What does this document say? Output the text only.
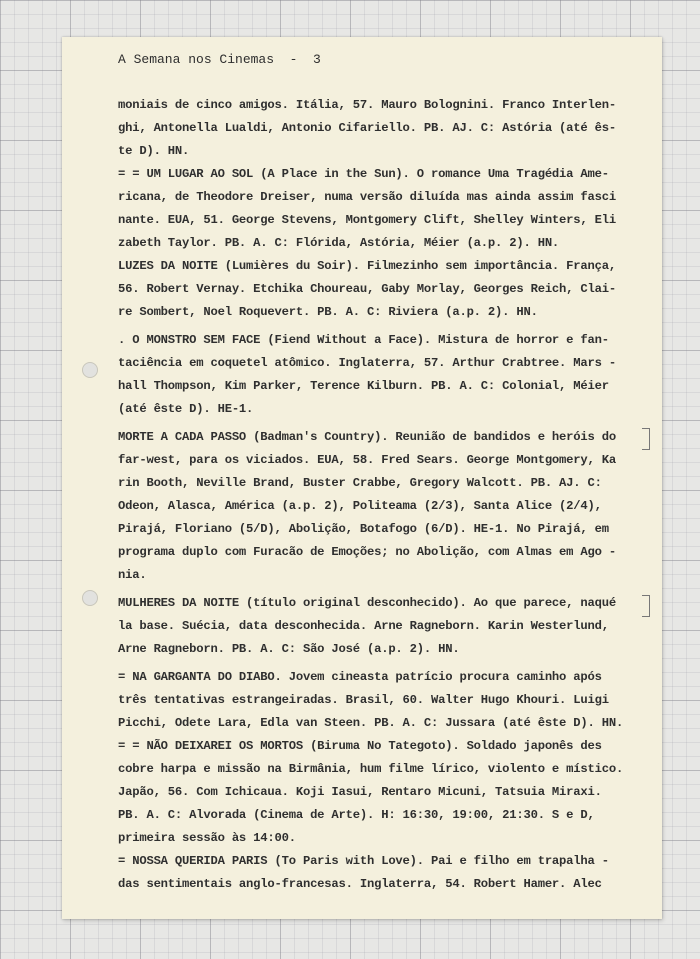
A Semana nos Cinemas  -  3
moniais de cinco amigos. Itália, 57. Mauro Bolognini. Franco Interlen-
ghi, Antonella Lualdi, Antonio Cifariello. PB. AJ. C: Astória (até ês-
te D). HN.
= = UM LUGAR AO SOL (A Place in the Sun). O romance Uma Tragédia Ame-
ricana, de Theodore Dreiser, numa versão diluída mas ainda assim fasci
nante. EUA, 51. George Stevens, Montgomery Clift, Shelley Winters, Eli
zabeth Taylor. PB. A. C: Flórida, Astória, Méier (a.p. 2). HN.
LUZES DA NOITE (Lumières du Soir). Filmezinho sem importância. França,
56. Robert Vernay. Etchika Choureau, Gaby Morlay, Georges Reich, Clai-
re Sombert, Noel Roquevert. PB. A. C: Riviera (a.p. 2). HN.
. O MONSTRO SEM FACE (Fiend Without a Face). Mistura de horror e fan-
taciência em coquetel atômico. Inglaterra, 57. Arthur Crabtree. Mars -
hall Thompson, Kim Parker, Terence Kilburn. PB. A. C: Colonial, Méier
(até êste D). HE-1.
MORTE A CADA PASSO (Badman's Country). Reunião de bandidos e heróis do
far-west, para os viciados. EUA, 58. Fred Sears. George Montgomery, Ka
rin Booth, Neville Brand, Buster Crabbe, Gregory Walcott. PB. AJ. C:
Odeon, Alasca, América (a.p. 2), Politeama (2/3), Santa Alice (2/4),
Pirajá, Floriano (5/D), Abolição, Botafogo (6/D). HE-1. No Pirajá, em
programa duplo com Furacão de Emoções; no Abolição, com Almas em Ago -
nia.
MULHERES DA NOITE (título original desconhecido). Ao que parece, naqué
la base. Suécia, data desconhecida. Arne Ragneborn. Karin Westerlund,
Arne Ragneborn. PB. A. C: São José (a.p. 2). HN.
= NA GARGANTA DO DIABO. Jovem cineasta patrício procura caminho após
três tentativas estrangeiradas. Brasil, 60. Walter Hugo Khouri. Luigi
Picchi, Odete Lara, Edla van Steen. PB. A. C: Jussara (até êste D). HN.
= = NÃO DEIXAREI OS MORTOS (Biruma No Tategoto). Soldado japonês des
cobre harpa e missão na Birmânia, hum filme lírico, violento e místico.
Japão, 56. Com Ichicaua. Koji Iasui, Rentaro Micuni, Tatsuia Miraxi.
PB. A. C: Alvorada (Cinema de Arte). H: 16:30, 19:00, 21:30. S e D,
primeira sessão às 14:00.
= NOSSA QUERIDA PARIS (To Paris with Love). Pai e filho em trapalha -
das sentimentais anglo-francesas. Inglaterra, 54. Robert Hamer. Alec
